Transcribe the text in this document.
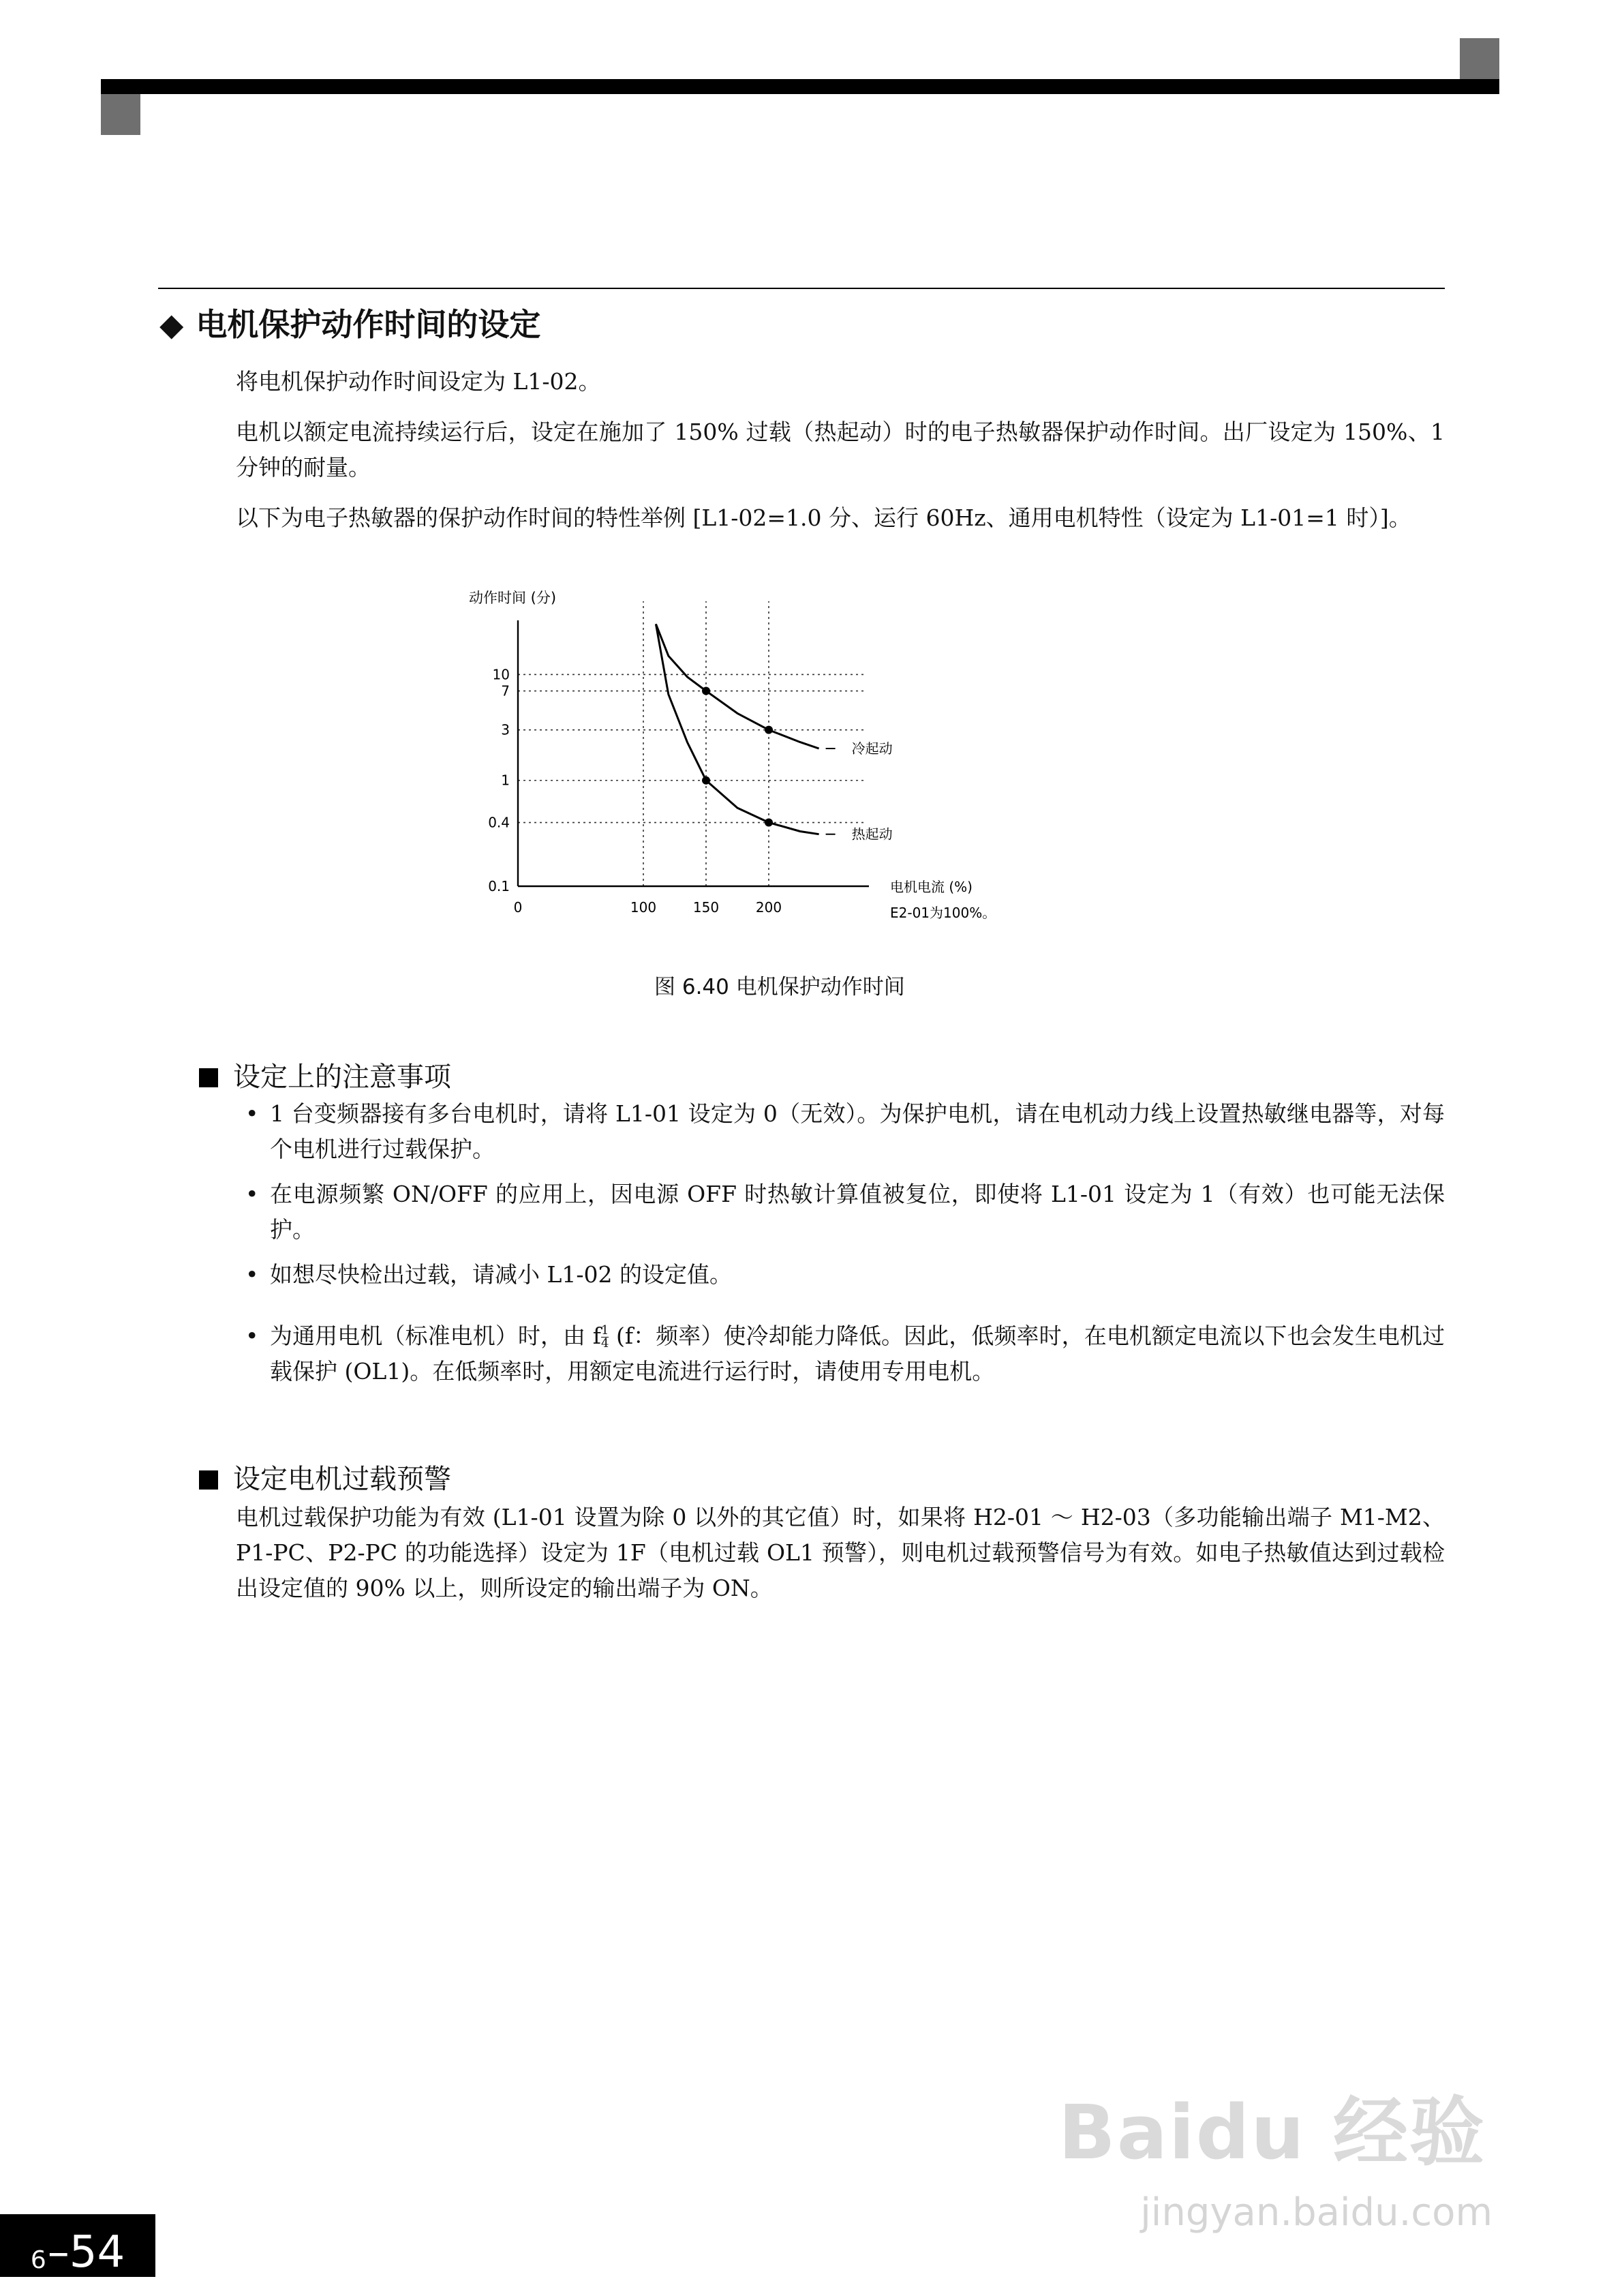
◆ 电机保护动作时间的设定
将电机保护动作时间设定为 L1-02。
电机以额定电流持续运行后，设定在施加了 150% 过载（热起动）时的电子热敏器保护动作时间。出厂设定为 150%、1 分钟的耐量。
以下为电子热敏器的保护动作时间的特性举例 [L1-02=1.0 分、运行 60Hz、通用电机特性（设定为 L1-01=1 时）]。
动作时间 (分)
10
7
3
1
0.4
0.1
0	100	150	200
冷起动
热起动
电机电流 (%)
E2-01为100%。
图 6.40 电机保护动作时间
设定上的注意事项
• 1 台变频器接有多台电机时，请将 L1-01 设定为 0（无效）。为保护电机，请在电机动力线上设置热敏继电器等，对每个电机进行过载保护。
• 在电源频繁 ON/OFF 的应用上，因电源 OFF 时热敏计算值被复位，即使将 L1-01 设定为 1（有效）也可能无法保护。
• 如想尽快检出过载，请减小 L1-02 的设定值。
• 为通用电机（标准电机）时，由 f $\frac{1}{4} (f$：频率）使冷却能力降低。因此，低频率时，在电机额定电流以下也会发生电机过载保护 (OL1)。在低频率时，用额定电流进行运行时，请使用专用电机。
设定电机过载预警
电机过载保护功能为有效 (L1-01 设置为除 0 以外的其它值）时，如果将 H2-01 ～ H2-03（多功能输出端子 M1-M2、P1-PC、P2-PC 的功能选择）设定为 1F（电机过载 OL1 预警），则电机过载预警信号为有效。如电子热敏值达到过载检出设定值的 90% 以上，则所设定的输出端子为 ON。
6 – 54
Baidu 经验
jingyan.baidu.com
